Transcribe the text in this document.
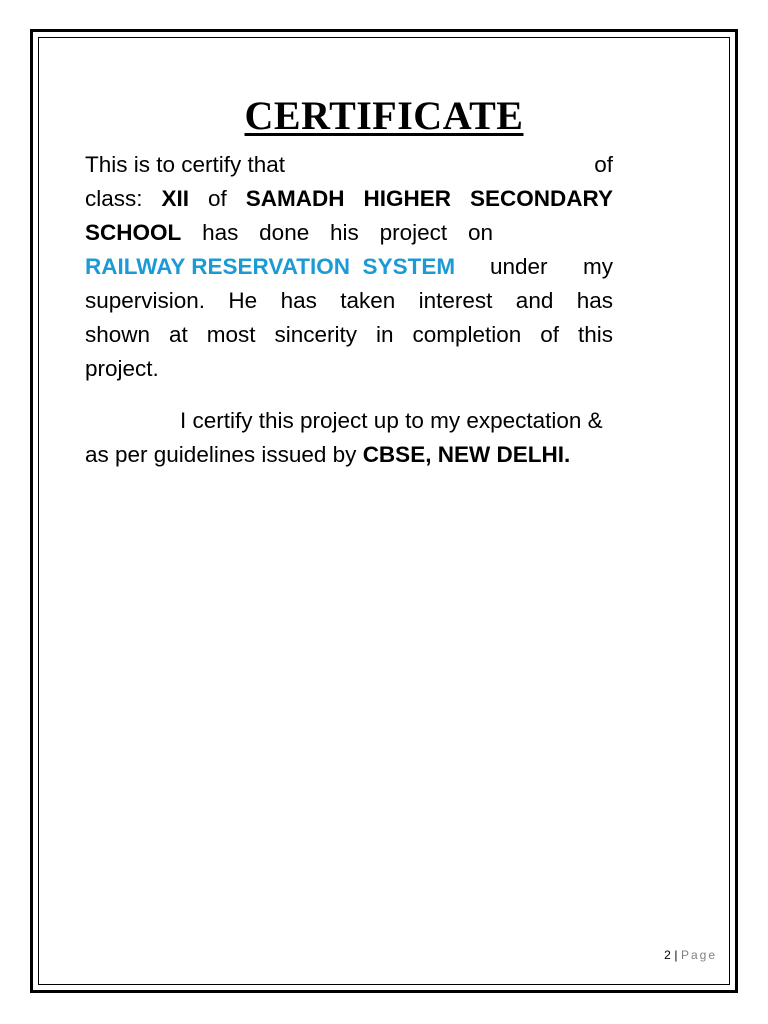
CERTIFICATE
This is to certify that	of
class: XII of SAMADH HIGHER SECONDARY
SCHOOL has done his project on
RAILWAY RESERVATION  SYSTEM under my
supervision. He has taken interest and has
shown at most sincerity in completion of this
project.
I certify this project up to my expectation &
as per guidelines issued by CBSE, NEW DELHI.
2 | Page
